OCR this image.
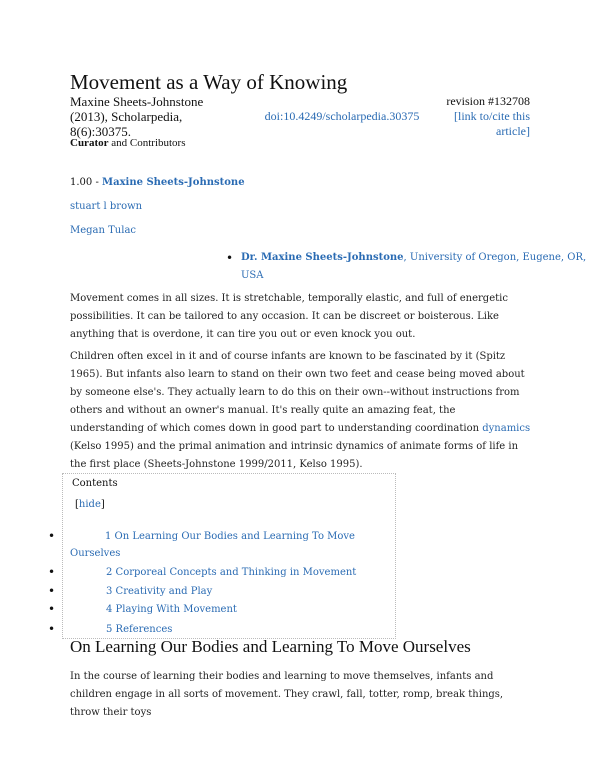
Movement as a Way of Knowing
Maxine Sheets-Johnstone (2013), Scholarpedia, 8(6):30375.
doi:10.4249/scholarpedia.30375
revision #132708
[link to/cite this article]
Curator and Contributors
1.00 - Maxine Sheets-Johnstone
stuart l brown
Megan Tulac
• Dr. Maxine Sheets-Johnstone, University of Oregon, Eugene, OR, USA

Movement comes in all sizes. It is stretchable, temporally elastic, and full of energetic possibilities. It can be tailored to any occasion. It can be discreet or boisterous. Like anything that is overdone, it can tire you out or even knock you out.

Children often excel in it and of course infants are known to be fascinated by it (Spitz 1965). But infants also learn to stand on their own two feet and cease being moved about by someone else's. They actually learn to do this on their own--without instructions from others and without an owner's manual. It's really quite an amazing feat, the understanding of which comes down in good part to understanding coordination dynamics (Kelso 1995) and the primal animation and intrinsic dynamics of animate forms of life in the first place (Sheets-Johnstone 1999/2011, Kelso 1995).

Contents
[hide]
•	1 On Learning Our Bodies and Learning To Move Ourselves
•	2 Corporeal Concepts and Thinking in Movement
•	3 Creativity and Play
•	4 Playing With Movement
•	5 References
On Learning Our Bodies and Learning To Move Ourselves

In the course of learning their bodies and learning to move themselves, infants and children engage in all sorts of movement. They crawl, fall, totter, romp, break things, throw their toys
